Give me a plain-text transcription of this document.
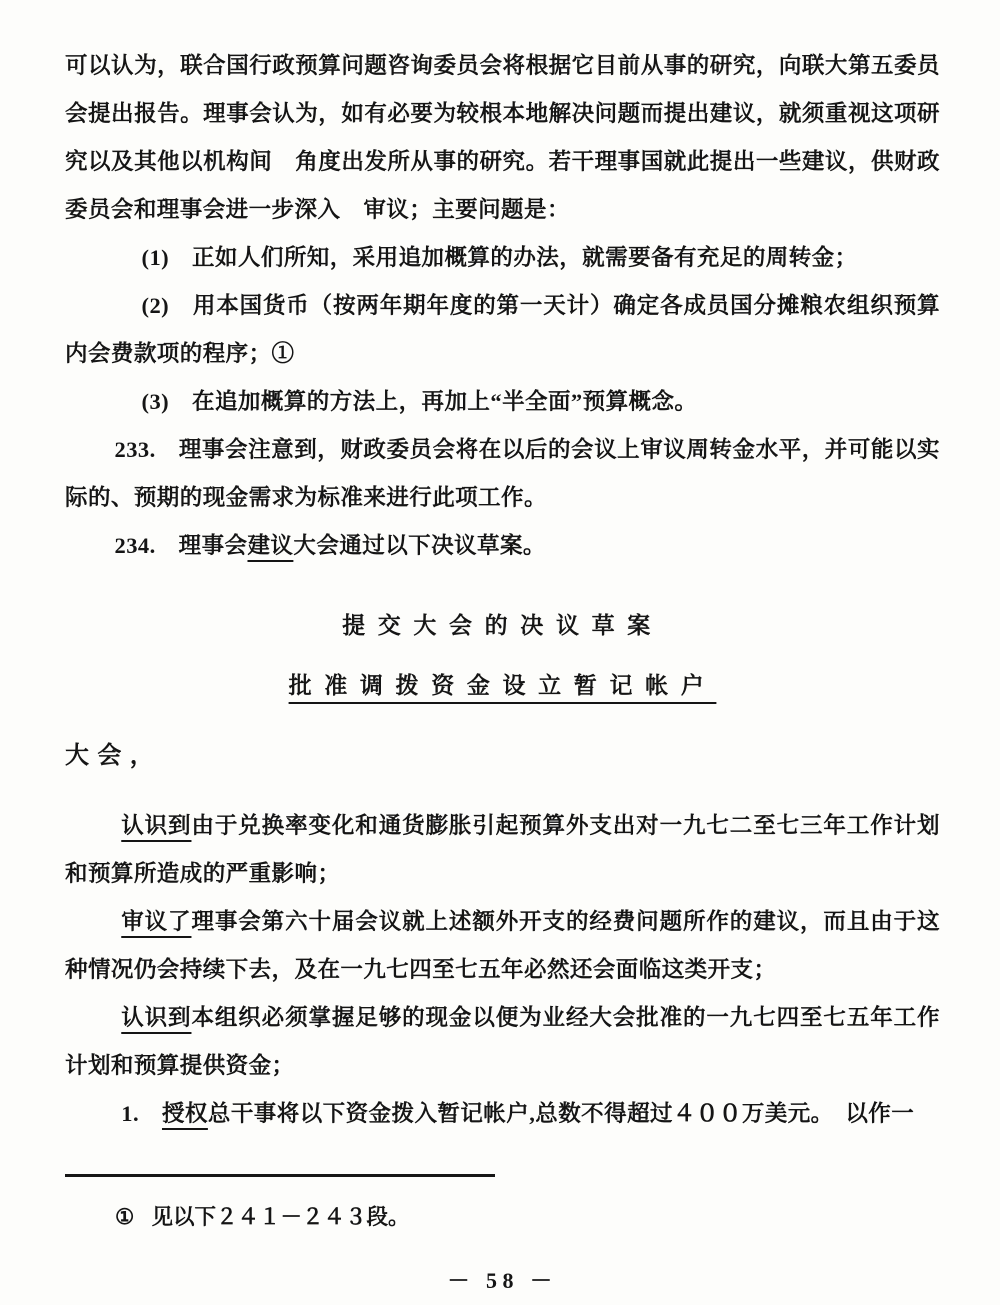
可以认为，联合国行政预算问题咨询委员会将根据它目前从事的研究，向联大第五委员会提出报告。理事会认为，如有必要为较根本地解决问题而提出建议，就须重视这项研究以及其他以机构间　角度出发所从事的研究。若干理事国就此提出一些建议，供财政委员会和理事会进一步深入　审议；主要问题是：

(1)　正如人们所知，采用追加概算的办法，就需要备有充足的周转金；

(2)　用本国货币（按两年期年度的第一天计）确定各成员国分摊粮农组织预算内会费款项的程序；①

(3)　在追加概算的方法上，再加上“半全面”预算概念。

233.　理事会注意到，财政委员会将在以后的会议上审议周转金水平，并可能以实际的、预期的现金需求为标准来进行此项工作。

234.　理事会建议大会通过以下决议草案。

提交大会的决议草案
批准调拨资金设立暂记帐户

大会，

认识到由于兑换率变化和通货膨胀引起预算外支出对一九七二至七三年工作计划和预算所造成的严重影响；

审议了理事会第六十届会议就上述额外开支的经费问题所作的建议，而且由于这种情况仍会持续下去，及在一九七四至七五年必然还会面临这类开支；

认识到本组织必须掌握足够的现金以便为业经大会批准的一九七四至七五年工作计划和预算提供资金；

1.　授权总干事将以下资金拨入暂记帐户,总数不得超过４００万美元。　以作一

① 见以下２４１－２４３段。

－ 58 －
